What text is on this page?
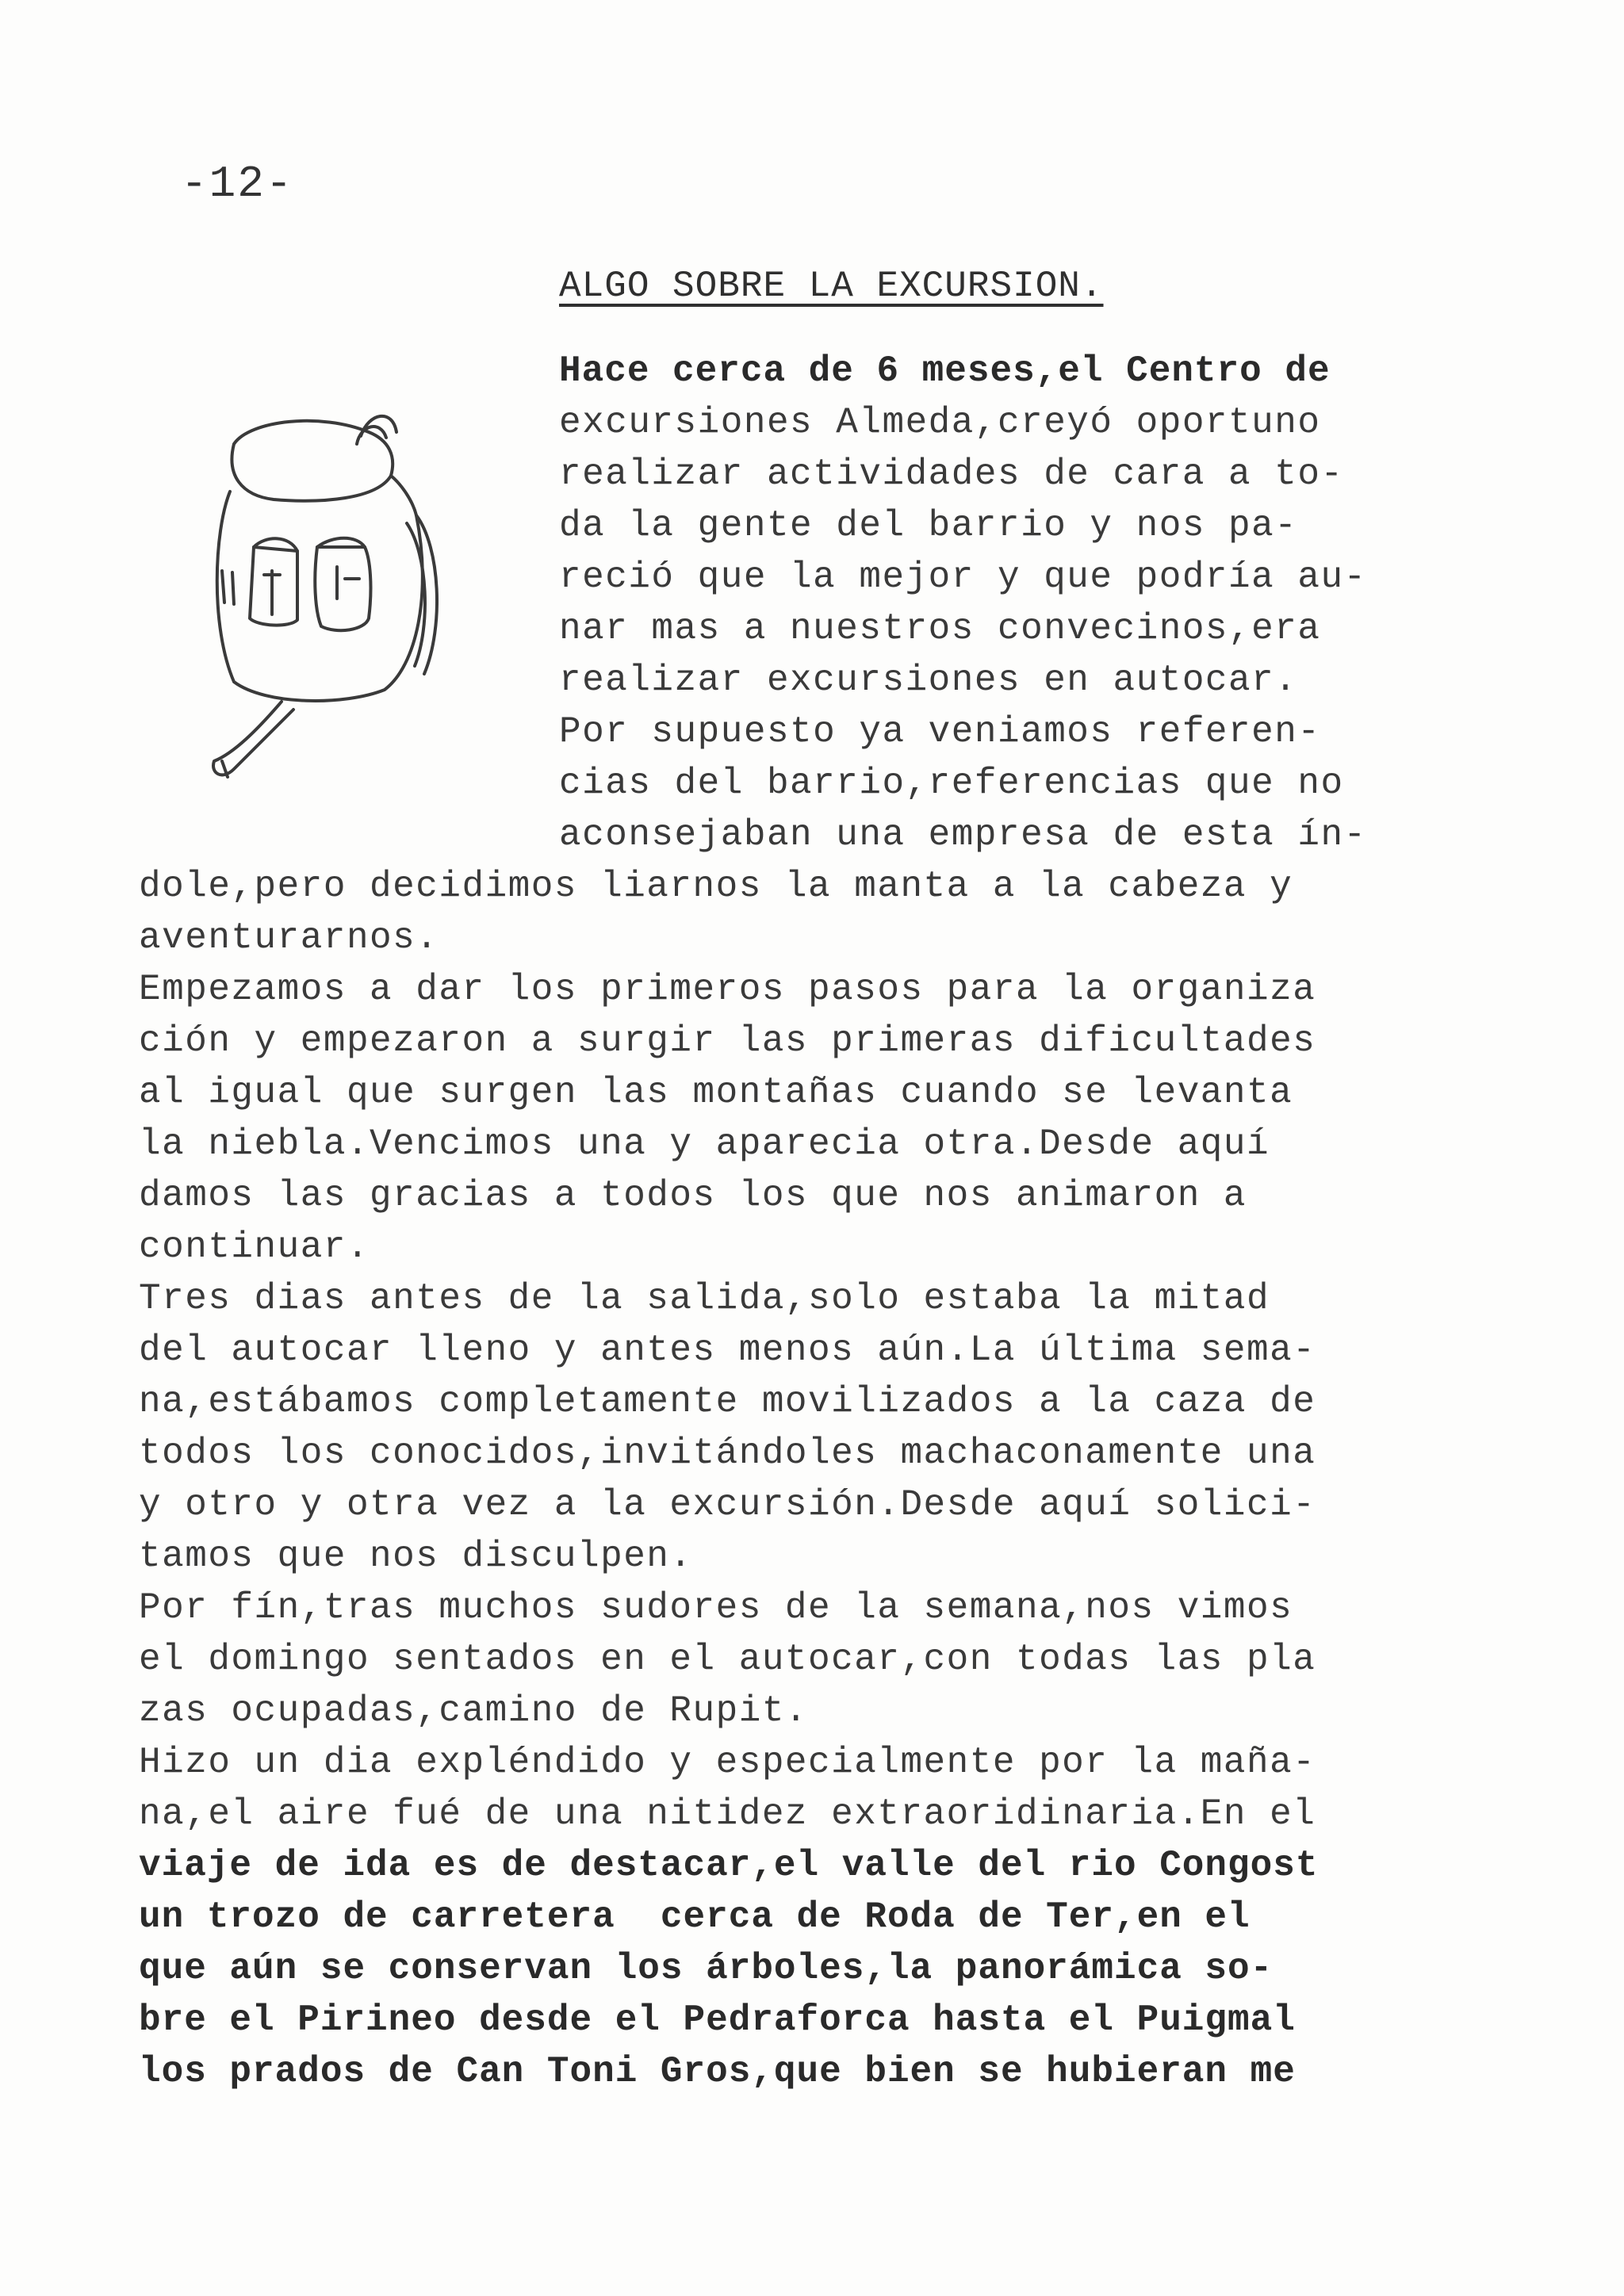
-12-
ALGO SOBRE LA EXCURSION.
Hace cerca de 6 meses,el Centro de
excursiones Almeda,creyó oportuno
realizar actividades de cara a to-
da la gente del barrio y nos pa-
reció que la mejor y que podría au-
nar mas a nuestros convecinos,era
realizar excursiones en autocar.
Por supuesto ya veniamos referen-
cias del barrio,referencias que no
aconsejaban una empresa de esta ín-
dole,pero decidimos liarnos la manta a la cabeza y
aventurarnos.
Empezamos a dar los primeros pasos para la organiza
ción y empezaron a surgir las primeras dificultades
al igual que surgen las montañas cuando se levanta
la niebla.Vencimos una y aparecia otra.Desde aquí
damos las gracias a todos los que nos animaron a
continuar.
Tres dias antes de la salida,solo estaba la mitad
del autocar lleno y antes menos aún.La última sema-
na,estábamos completamente movilizados a la caza de
todos los conocidos,invitándoles machaconamente una
y otro y otra vez a la excursión.Desde aquí solici-
tamos que nos disculpen.
Por fín,tras muchos sudores de la semana,nos vimos
el domingo sentados en el autocar,con todas las pla
zas ocupadas,camino de Rupit.
Hizo un dia expléndido y especialmente por la maña-
na,el aire fué de una nitidez extraoridinaria.En el
viaje de ida es de destacar,el valle del rio Congost
un trozo de carretera  cerca de Roda de Ter,en el
que aún se conservan los árboles,la panorámica so-
bre el Pirineo desde el Pedraforca hasta el Puigmal
los prados de Can Toni Gros,que bien se hubieran me
